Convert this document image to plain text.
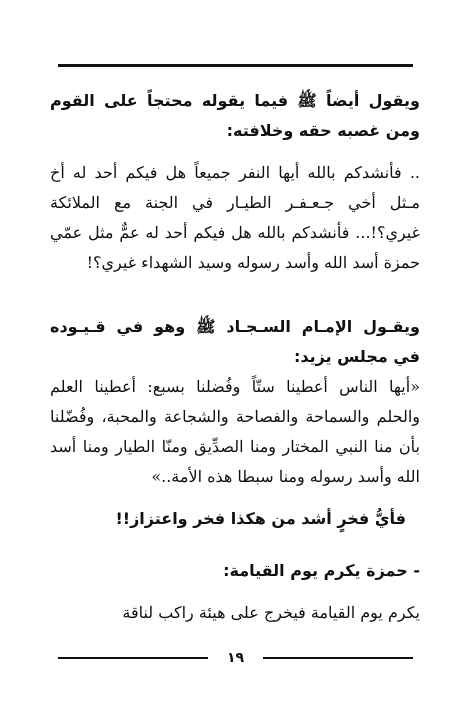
ويقول أيضاً ﷺ فيما يقوله محتجاً على القوم ومن غصبه حقه وخلافته:

.. فأنشدكم بالله أيها النفر جميعاً هل فيكم أحد له أخ مـثل أخي جـعـفـر الطيـار في الجنة مع الملائكة غيري؟!... فأنشدكم بالله هل فيكم أحد له عمٌّ مثل عمّي حمزة أسد الله وأسد رسوله وسيد الشهداء غيري؟!

ويقـول الإمـام السـجـاد ﷺ وهو في قـيـوده في مجلس يزيد:

«أيها الناس أعطينا ستّاً وفُضلنا بسبع: أعطينا العلم والحلم والسماحة والفصاحة والشجاعة والمحبة، وفُضّلنا بأن منا النبي المختار ومنا الصدِّيق ومنّا الطيار ومنا أسد الله وأسد رسوله ومنا سبطا هذه الأمة..»

فأيُّ فخرٍ أشد من هكذا فخر واعتزاز!!

- حمزة يكرم يوم القيامة:

يكرم يوم القيامة فيخرج على هيئة راكب لناقة

١٩
